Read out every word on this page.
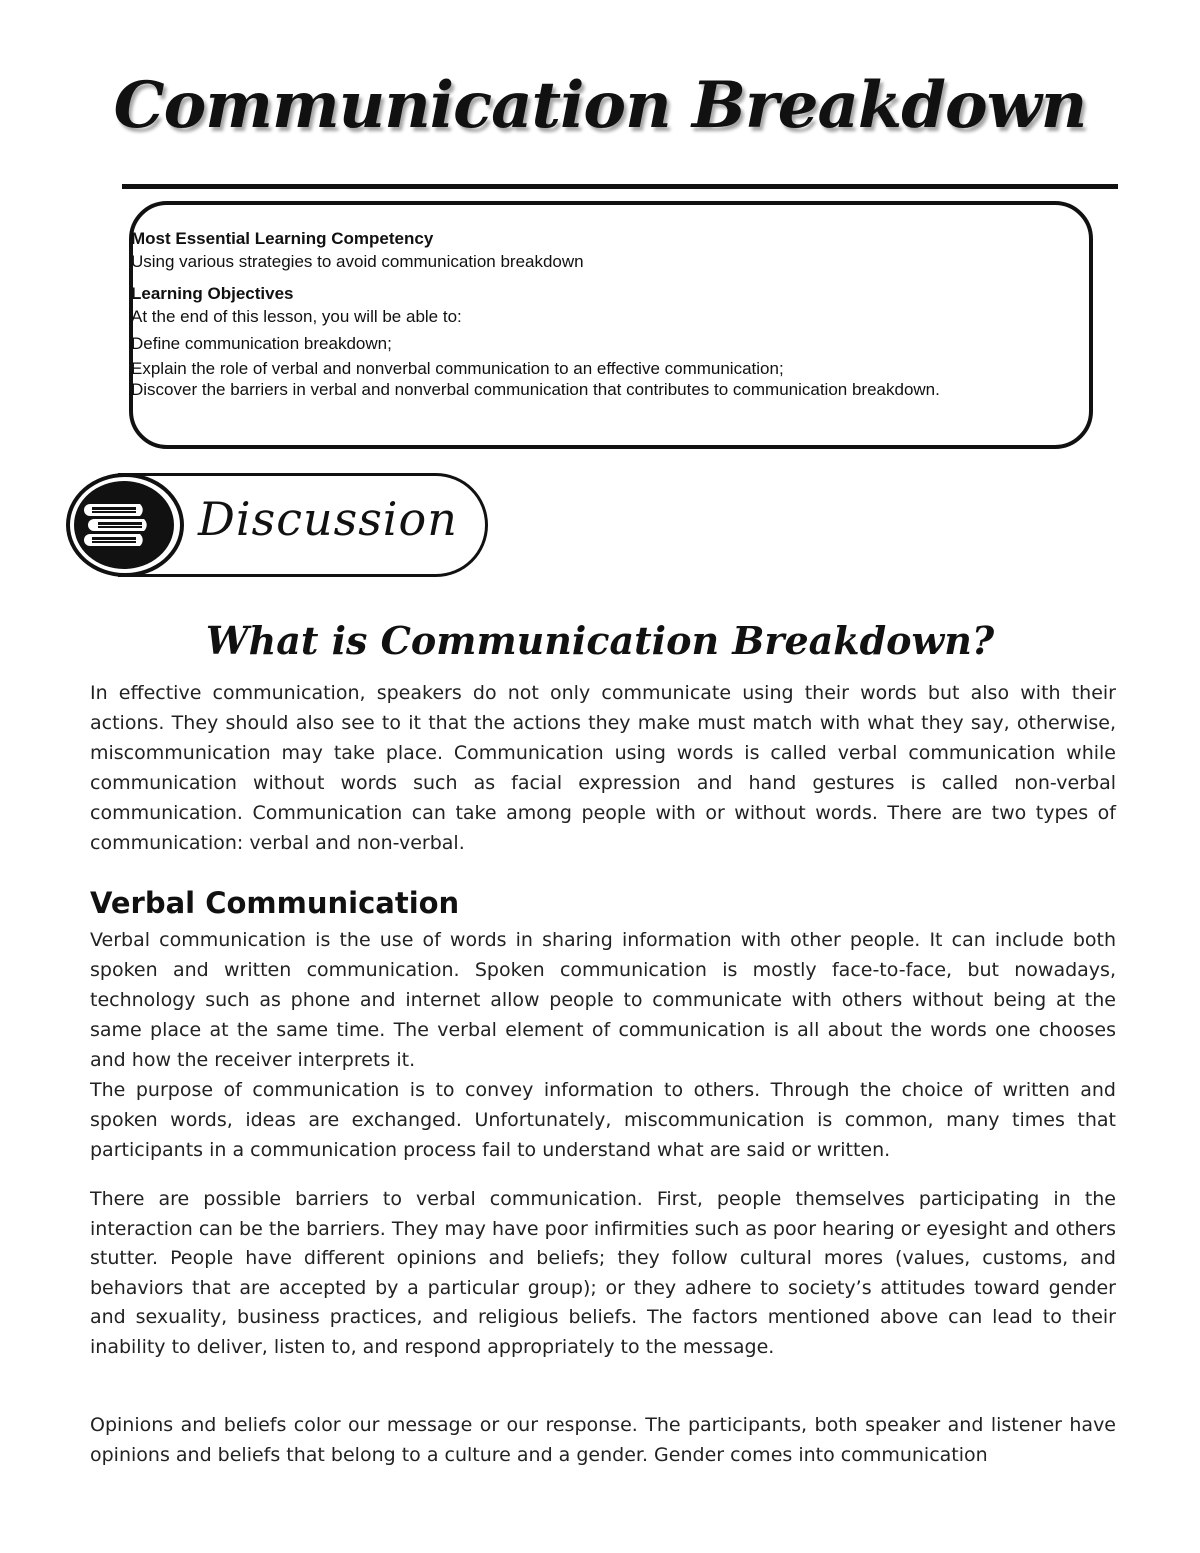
Communication Breakdown
Most Essential Learning Competency
Using various strategies to avoid communication breakdown
Learning Objectives
At the end of this lesson, you will be able to:
Define communication breakdown;
Explain the role of verbal and nonverbal communication to an effective communication;
Discover the barriers in verbal and nonverbal communication that contributes to communication breakdown.
Discussion
What is Communication Breakdown?

In effective communication, speakers do not only communicate using their words but also with their actions. They should also see to it that the actions they make must match with what they say, otherwise, miscommunication may take place. Communication using words is called verbal communication while communication without words such as facial expression and hand gestures is called non-verbal communication. Communication can take among people with or without words. There are two types of communication: verbal and non-verbal.

Verbal Communication

Verbal communication is the use of words in sharing information with other people. It can include both spoken and written communication. Spoken communication is mostly face-to-face, but nowadays, technology such as phone and internet allow people to communicate with others without being at the same place at the same time. The verbal element of communication is all about the words one chooses and how the receiver interprets it.

The purpose of communication is to convey information to others. Through the choice of written and spoken words, ideas are exchanged. Unfortunately, miscommunication is common, many times that participants in a communication process fail to understand what are said or written.

There are possible barriers to verbal communication. First, people themselves participating in the interaction can be the barriers. They may have poor infirmities such as poor hearing or eyesight and others stutter. People have different opinions and beliefs; they follow cultural mores (values, customs, and behaviors that are accepted by a particular group); or they adhere to society’s attitudes toward gender and sexuality, business practices, and religious beliefs. The factors mentioned above can lead to their inability to deliver, listen to, and respond appropriately to the message.

Opinions and beliefs color our message or our response. The participants, both speaker and listener have opinions and beliefs that belong to a culture and a gender. Gender comes into communication
